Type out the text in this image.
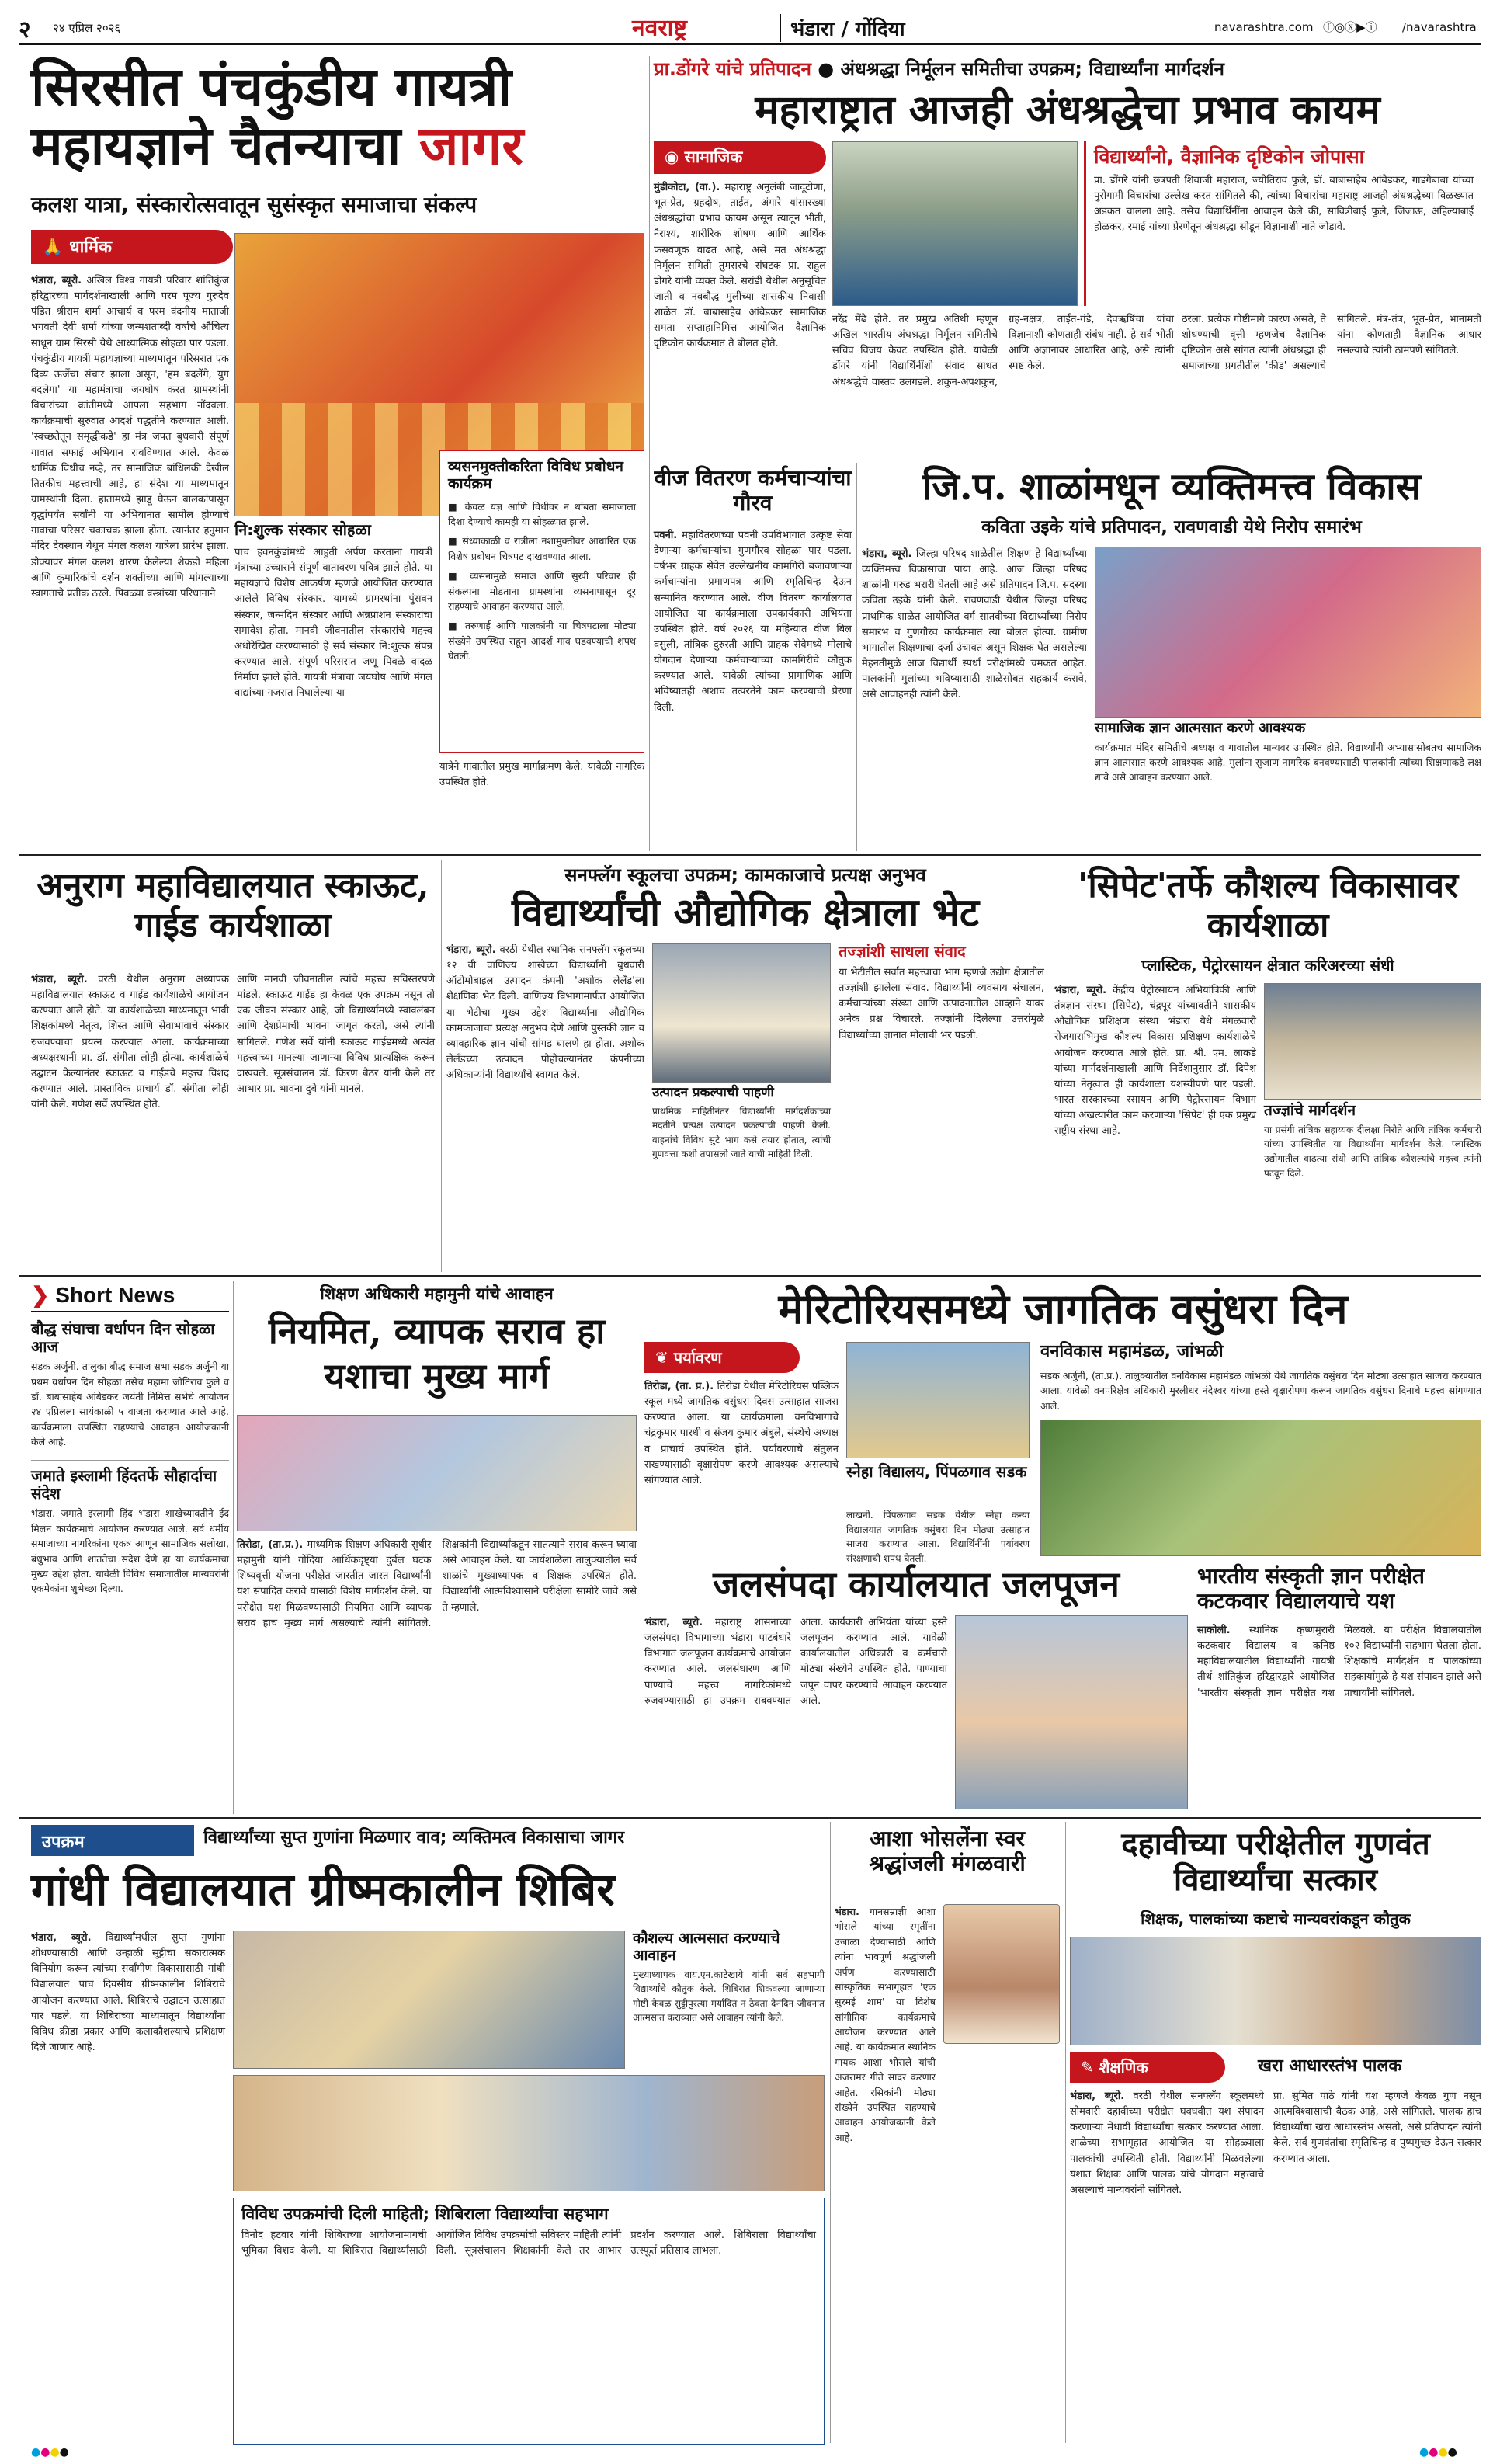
२ २४ एप्रिल २०२६	नवराष्ट्र	भंडारा / गोंदिया	navarashtra.com ⓕ◎ⓧ▶ⓘ /navarashtra
सिरसीत पंचकुंडीय गायत्री महायज्ञाने चैतन्याचा जागर
कलश यात्रा, संस्कारोत्सवातून सुसंस्कृत समाजाचा संकल्प
🙏 धार्मिक
भंडारा, ब्यूरो. अखिल विश्व गायत्री परिवार शांतिकुंज हरिद्वारच्या मार्गदर्शनाखाली आणि परम पूज्य गुरुदेव पंडित श्रीराम शर्मा आचार्य व परम वंदनीय माताजी भगवती देवी शर्मा यांच्या जन्मशताब्दी वर्षाचे औचित्य साधून ग्राम सिरसी येथे आध्यात्मिक सोहळा पार पडला. पंचकुंडीय गायत्री महायज्ञाच्या माध्यमातून परिसरात एक दिव्य ऊर्जेचा संचार झाला असून, 'हम बदलेंगे, युग बदलेगा' या महामंत्राचा जयघोष करत ग्रामस्थांनी विचारांच्या क्रांतीमध्ये आपला सहभाग नोंदवला. कार्यक्रमाची सुरुवात आदर्श पद्धतीने करण्यात आली. 'स्वच्छतेतून समृद्धीकडे' हा मंत्र जपत बुधवारी संपूर्ण गावात सफाई अभियान राबविण्यात आले. केवळ धार्मिक विधीच नव्हे, तर सामाजिक बांधिलकी देखील तितकीच महत्त्वाची आहे, हा संदेश या माध्यमातून ग्रामस्थांनी दिला. हातामध्ये झाडू घेऊन बालकांपासून वृद्धांपर्यंत सर्वांनी या अभियानात सामील होण्याचे गावाचा परिसर चकाचक झाला होता. त्यानंतर हनुमान मंदिर देवस्थान येथून मंगल कलश यात्रेला प्रारंभ झाला. डोक्यावर मंगल कलश धारण केलेल्या शेकडो महिला आणि कुमारिकांचे दर्शन शक्तीच्या आणि मांगल्याच्या स्वागताचे प्रतीक ठरले. पिवळ्या वस्त्रांच्या परिधानाने
नि:शुल्क संस्कार सोहळा
पाच हवनकुंडांमध्ये आहुती अर्पण करताना गायत्री मंत्राच्या उच्चाराने संपूर्ण वातावरण पवित्र झाले होते. या महायज्ञाचे विशेष आकर्षण म्हणजे आयोजित करण्यात आलेले विविध संस्कार. यामध्ये ग्रामस्थांना पुंसवन संस्कार, जन्मदिन संस्कार आणि अन्नप्राशन संस्कारांचा समावेश होता. मानवी जीवनातील संस्कारांचे महत्त्व अधोरेखित करण्यासाठी हे सर्व संस्कार नि:शुल्क संपन्न करण्यात आले. संपूर्ण परिसरात जणू पिवळे वादळ निर्माण झाले होते. गायत्री मंत्राचा जयघोष आणि मंगल वाद्यांच्या गजरात निघालेल्या या
व्यसनमुक्तीकरिता विविध प्रबोधन कार्यक्रम
■ केवळ यज्ञ आणि विधीवर न थांबता समाजाला दिशा देण्याचे कामही या सोहळ्यात झाले.
■ संध्याकाळी व रात्रीला नशामुक्तीवर आधारित एक विशेष प्रबोधन चित्रपट दाखवण्यात आला.
■ व्यसनामुळे समाज आणि सुखी परिवार ही संकल्पना मोडताना ग्रामस्थांना व्यसनापासून दूर राहण्याचे आवाहन करण्यात आले.
■ तरुणाई आणि पालकांनी या चित्रपटाला मोठ्या संख्येने उपस्थित राहून आदर्श गाव घडवण्याची शपथ घेतली.
यात्रेने गावातील प्रमुख मार्गाक्रमण केले. यावेळी नागरिक उपस्थित होते.
प्रा.डोंगरे यांचे प्रतिपादन ● अंधश्रद्धा निर्मूलन समितीचा उपक्रम; विद्यार्थ्यांना मार्गदर्शन
महाराष्ट्रात आजही अंधश्रद्धेचा प्रभाव कायम
◉ सामाजिक
मुंडीकोटा, (वा.). महाराष्ट्र अनुलंबी जादूटोणा, भूत-प्रेत, ग्रहदोष, ताईत, अंगारे यांसारख्या अंधश्रद्धांचा प्रभाव कायम असून त्यातून भीती, नैराश्य, शारीरिक शोषण आणि आर्थिक फसवणूक वाढत आहे, असे मत अंधश्रद्धा निर्मूलन समिती तुमसरचे संघटक प्रा. राहुल डोंगरे यांनी व्यक्त केले. सरांडी येथील अनुसूचित जाती व नवबौद्ध मुलींच्या शासकीय निवासी शाळेत डॉ. बाबासाहेब आंबेडकर सामाजिक समता सप्ताहानिमित्त आयोजित वैज्ञानिक दृष्टिकोन कार्यक्रमात ते बोलत होते.
विद्यार्थ्यांनो, वैज्ञानिक दृष्टिकोन जोपासा
प्रा. डोंगरे यांनी छत्रपती शिवाजी महाराज, ज्योतिराव फुले, डॉ. बाबासाहेब आंबेडकर, गाडगेबाबा यांच्या पुरोगामी विचारांचा उल्लेख करत सांगितले की, त्यांच्या विचारांचा महाराष्ट्र आजही अंधश्रद्धेच्या विळख्यात अडकत चालला आहे. तसेच विद्यार्थिनींना आवाहन केले की, सावित्रीबाई फुले, जिजाऊ, अहिल्याबाई होळकर, रमाई यांच्या प्रेरणेतून अंधश्रद्धा सोडून विज्ञानाशी नाते जोडावे.
नरेंद्र मेंढे होते. तर प्रमुख अतिथी म्हणून अखिल भारतीय अंधश्रद्धा निर्मूलन समितीचे सचिव विजय केवट उपस्थित होते. यावेळी डोंगरे यांनी विद्यार्थिनींशी संवाद साधत अंधश्रद्धेचे वास्तव उलगडले. शकुन-अपशकुन, ग्रह-नक्षत्र, ताईत-गंडे, देवऋषिंचा यांचा विज्ञानाशी कोणताही संबंध नाही. हे सर्व भीती आणि अज्ञानावर आधारित आहे, असे त्यांनी स्पष्ट केले.
ठरला. प्रत्येक गोष्टीमागे कारण असते, ते शोधण्याची वृत्ती म्हणजेच वैज्ञानिक दृष्टिकोन असे सांगत त्यांनी अंधश्रद्धा ही समाजाच्या प्रगतीतील 'कीड' असल्याचे सांगितले. मंत्र-तंत्र, भूत-प्रेत, भानामती यांना कोणताही वैज्ञानिक आधार नसल्याचे त्यांनी ठामपणे सांगितले.
वीज वितरण कर्मचाऱ्यांचा गौरव
पवनी. महावितरणच्या पवनी उपविभागात उत्कृष्ट सेवा देणाऱ्या कर्मचाऱ्यांचा गुणगौरव सोहळा पार पडला. वर्षभर ग्राहक सेवेत उल्लेखनीय कामगिरी बजावणाऱ्या कर्मचाऱ्यांना प्रमाणपत्र आणि स्मृतिचिन्ह देऊन सन्मानित करण्यात आले. वीज वितरण कार्यालयात आयोजित या कार्यक्रमाला उपकार्यकारी अभियंता उपस्थित होते. वर्ष २०२६ या महिन्यात वीज बिल वसुली, तांत्रिक दुरुस्ती आणि ग्राहक सेवेमध्ये मोलाचे योगदान देणाऱ्या कर्मचाऱ्यांच्या कामगिरीचे कौतुक करण्यात आले. यावेळी त्यांच्या प्रामाणिक आणि भविष्यातही अशाच तत्परतेने काम करण्याची प्रेरणा दिली.
जि.प. शाळांमधून व्यक्तिमत्त्व विकास
कविता उइके यांचे प्रतिपादन, रावणवाडी येथे निरोप समारंभ
भंडारा, ब्यूरो. जिल्हा परिषद शाळेतील शिक्षण हे विद्यार्थ्यांच्या व्यक्तिमत्त्व विकासाचा पाया आहे. आज जिल्हा परिषद शाळांनी गरुड भरारी घेतली आहे असे प्रतिपादन जि.प. सदस्या कविता उइके यांनी केले. रावणवाडी येथील जिल्हा परिषद प्राथमिक शाळेत आयोजित वर्ग सातवीच्या विद्यार्थ्यांच्या निरोप समारंभ व गुणगौरव कार्यक्रमात त्या बोलत होत्या. ग्रामीण भागातील शिक्षणाचा दर्जा उंचावत असून शिक्षक घेत असलेल्या मेहनतीमुळे आज विद्यार्थी स्पर्धा परीक्षांमध्ये चमकत आहेत. पालकांनी मुलांच्या भविष्यासाठी शाळेसोबत सहकार्य करावे, असे आवाहनही त्यांनी केले.
सामाजिक ज्ञान आत्मसात करणे आवश्यक
कार्यक्रमात मंदिर समितीचे अध्यक्ष व गावातील मान्यवर उपस्थित होते. विद्यार्थ्यांनी अभ्यासासोबतच सामाजिक ज्ञान आत्मसात करणे आवश्यक आहे. मुलांना सुजाण नागरिक बनवण्यासाठी पालकांनी त्यांच्या शिक्षणाकडे लक्ष द्यावे असे आवाहन करण्यात आले.
अनुराग महाविद्यालयात स्काऊट, गाईड कार्यशाळा
भंडारा, ब्यूरो. वरठी येथील अनुराग अध्यापक महाविद्यालयात स्काऊट व गाईड कार्यशाळेचे आयोजन करण्यात आले होते. या कार्यशाळेच्या माध्यमातून भावी शिक्षकांमध्ये नेतृत्व, शिस्त आणि सेवाभावाचे संस्कार रुजवण्याचा प्रयत्न करण्यात आला. कार्यक्रमाच्या अध्यक्षस्थानी प्रा. डॉ. संगीता लोही होत्या. कार्यशाळेचे उद्घाटन केल्यानंतर स्काऊट व गाईडचे महत्त्व विशद करण्यात आले. प्रास्ताविक प्राचार्य डॉ. संगीता लोही यांनी केले. गणेश सर्वे उपस्थित होते.
आणि मानवी जीवनातील त्यांचे महत्त्व सविस्तरपणे मांडले. स्काऊट गाईड हा केवळ एक उपक्रम नसून तो एक जीवन संस्कार आहे, जो विद्यार्थ्यांमध्ये स्वावलंबन आणि देशप्रेमाची भावना जागृत करतो, असे त्यांनी सांगितले. गणेश सर्वे यांनी स्काऊट गाईडमध्ये अत्यंत महत्त्वाच्या मानल्या जाणाऱ्या विविध प्रात्यक्षिक करून दाखवले. सूत्रसंचालन डॉ. किरण बेठर यांनी केले तर आभार प्रा. भावना दुबे यांनी मानले.
सनफ्लॅग स्कूलचा उपक्रम; कामकाजाचे प्रत्यक्ष अनुभव
विद्यार्थ्यांची औद्योगिक क्षेत्राला भेट
भंडारा, ब्यूरो. वरठी येथील स्थानिक सनफ्लॅग स्कूलच्या १२ वी वाणिज्य शाखेच्या विद्यार्थ्यांनी बुधवारी ऑटोमोबाइल उत्पादन कंपनी 'अशोक लेलँड'ला शैक्षणिक भेट दिली. वाणिज्य विभागामार्फत आयोजित या भेटीचा मुख्य उद्देश विद्यार्थ्यांना औद्योगिक कामकाजाचा प्रत्यक्ष अनुभव देणे आणि पुस्तकी ज्ञान व व्यावहारिक ज्ञान यांची सांगड घालणे हा होता. अशोक लेलँडच्या उत्पादन पोहोचल्यानंतर कंपनीच्या अधिकाऱ्यांनी विद्यार्थ्यांचे स्वागत केले.
उत्पादन प्रकल्पाची पाहणी
प्राथमिक माहितीनंतर विद्यार्थ्यांनी मार्गदर्शकांच्या मदतीने प्रत्यक्ष उत्पादन प्रकल्पाची पाहणी केली. वाहनांचे विविध सुटे भाग कसे तयार होतात, त्यांची गुणवत्ता कशी तपासली जाते याची माहिती दिली.
तज्ज्ञांशी साधला संवाद
या भेटीतील सर्वात महत्त्वाचा भाग म्हणजे उद्योग क्षेत्रातील तज्ज्ञांशी झालेला संवाद. विद्यार्थ्यांनी व्यवसाय संचालन, कर्मचाऱ्यांच्या संख्या आणि उत्पादनातील आव्हाने यावर अनेक प्रश्न विचारले. तज्ज्ञांनी दिलेल्या उत्तरांमुळे विद्यार्थ्यांच्या ज्ञानात मोलाची भर पडली.
'सिपेट'तर्फे कौशल्य विकासावर कार्यशाळा
प्लास्टिक, पेट्रोरसायन क्षेत्रात करिअरच्या संधी
भंडारा, ब्यूरो. केंद्रीय पेट्रोरसायन अभियांत्रिकी आणि तंत्रज्ञान संस्था (सिपेट), चंद्रपूर यांच्यावतीने शासकीय औद्योगिक प्रशिक्षण संस्था भंडारा येथे मंगळवारी रोजगाराभिमुख कौशल्य विकास प्रशिक्षण कार्यशाळेचे आयोजन करण्यात आले होते. प्रा. श्री. एम. लाकडे यांच्या मार्गदर्शनाखाली आणि निर्देशानुसार डॉ. दिपेश यांच्या नेतृत्वात ही कार्यशाळा यशस्वीपणे पार पडली. भारत सरकारच्या रसायन आणि पेट्रोरसायन विभाग यांच्या अखत्यारीत काम करणाऱ्या 'सिपेट' ही एक प्रमुख राष्ट्रीय संस्था आहे.
तज्ज्ञांचे मार्गदर्शन
या प्रसंगी तांत्रिक सहाय्यक दीलक्षा निरोते आणि तांत्रिक कर्मचारी यांच्या उपस्थितीत या विद्यार्थ्यांना मार्गदर्शन केले. प्लास्टिक उद्योगातील वाढत्या संधी आणि तांत्रिक कौशल्यांचे महत्त्व त्यांनी पटवून दिले.
❯ Short News
बौद्ध संघाचा वर्धापन दिन सोहळा आज
सडक अर्जुनी. तालुका बौद्ध समाज सभा सडक अर्जुनी या प्रथम वर्धापन दिन सोहळा तसेच महामा जोतिराव फुले व डॉ. बाबासाहेब आंबेडकर जयंती निमित्त सभेचे आयोजन २४ एप्रिलला सायंकाळी ५ वाजता करण्यात आले आहे. कार्यक्रमाला उपस्थित राहण्याचे आवाहन आयोजकांनी केले आहे.
जमाते इस्लामी हिंदतर्फे सौहार्दाचा संदेश
भंडारा. जमाते इस्लामी हिंद भंडारा शाखेच्यावतीने ईद मिलन कार्यक्रमाचे आयोजन करण्यात आले. सर्व धर्मीय समाजाच्या नागरिकांना एकत्र आणून सामाजिक सलोखा, बंधुभाव आणि शांततेचा संदेश देणे हा या कार्यक्रमाचा मुख्य उद्देश होता. यावेळी विविध समाजातील मान्यवरांनी एकमेकांना शुभेच्छा दिल्या.
शिक्षण अधिकारी महामुनी यांचे आवाहन
नियमित, व्यापक सराव हा यशाचा मुख्य मार्ग
तिरोडा, (ता.प्र.). माध्यमिक शिक्षण अधिकारी सुधीर महामुनी यांनी गोंदिया आर्थिकदृष्ट्या दुर्बल घटक शिष्यवृत्ती योजना परीक्षेत जास्तीत जास्त विद्यार्थ्यांनी यश संपादित करावे यासाठी विशेष मार्गदर्शन केले. या परीक्षेत यश मिळवण्यासाठी नियमित आणि व्यापक सराव हाच मुख्य मार्ग असल्याचे त्यांनी सांगितले. शिक्षकांनी विद्यार्थ्यांकडून सातत्याने सराव करून घ्यावा असे आवाहन केले. या कार्यशाळेला तालुक्यातील सर्व शाळांचे मुख्याध्यापक व शिक्षक उपस्थित होते. विद्यार्थ्यांनी आत्मविश्वासाने परीक्षेला सामोरे जावे असे ते म्हणाले.
मेरिटोरियसमध्ये जागतिक वसुंधरा दिन
❦ पर्यावरण
तिरोडा, (ता. प्र.). तिरोडा येथील मेरिटोरियस पब्लिक स्कूल मध्ये जागतिक वसुंधरा दिवस उत्साहात साजरा करण्यात आला. या कार्यक्रमाला वनविभागाचे चंद्रकुमार पारधी व संजय कुमार अंबुले, संस्थेचे अध्यक्ष व प्राचार्य उपस्थित होते. पर्यावरणाचे संतुलन राखण्यासाठी वृक्षारोपण करणे आवश्यक असल्याचे सांगण्यात आले.	स्नेहा विद्यालय, पिंपळगाव सडक
लाखनी. पिंपळगाव सडक येथील स्नेहा कन्या विद्यालयात जागतिक वसुंधरा दिन मोठ्या उत्साहात साजरा करण्यात आला. विद्यार्थिनींनी पर्यावरण संरक्षणाची शपथ घेतली.
वनविकास महामंडळ, जांभळी
सडक अर्जुनी, (ता.प्र.). तालुक्यातील वनविकास महामंडळ जांभळी येथे जागतिक वसुंधरा दिन मोठ्या उत्साहात साजरा करण्यात आला. यावेळी वनपरिक्षेत्र अधिकारी मुरलीधर नंदेश्वर यांच्या हस्ते वृक्षारोपण करून जागतिक वसुंधरा दिनाचे महत्त्व सांगण्यात आले.
जलसंपदा कार्यालयात जलपूजन
भंडारा, ब्यूरो. महाराष्ट्र शासनाच्या जलसंपदा विभागाच्या भंडारा पाटबंधारे विभागात जलपूजन कार्यक्रमाचे आयोजन करण्यात आले. जलसंधारण आणि पाण्याचे महत्त्व नागरिकांमध्ये रुजवण्यासाठी हा उपक्रम राबवण्यात आला. कार्यकारी अभियंता यांच्या हस्ते जलपूजन करण्यात आले. यावेळी कार्यालयातील अधिकारी व कर्मचारी मोठ्या संख्येने उपस्थित होते. पाण्याचा जपून वापर करण्याचे आवाहन करण्यात आले.
भारतीय संस्कृती ज्ञान परीक्षेत कटकवार विद्यालयाचे यश
साकोली. स्थानिक कृष्णमुरारी कटकवार विद्यालय व कनिष्ठ महाविद्यालयातील विद्यार्थ्यांनी गायत्री तीर्थ शांतिकुंज हरिद्वारद्वारे आयोजित 'भारतीय संस्कृती ज्ञान' परीक्षेत यश मिळवले. या परीक्षेत विद्यालयातील १०२ विद्यार्थ्यांनी सहभाग घेतला होता. शिक्षकांचे मार्गदर्शन व पालकांच्या सहकार्यामुळे हे यश संपादन झाले असे प्राचार्यांनी सांगितले.
उपक्रम	विद्यार्थ्यांच्या सुप्त गुणांना मिळणार वाव; व्यक्तिमत्व विकासाचा जागर
गांधी विद्यालयात ग्रीष्मकालीन शिबिर
भंडारा, ब्यूरो. विद्यार्थ्यांमधील सुप्त गुणांना शोधण्यासाठी आणि उन्हाळी सुट्टीचा सकारात्मक विनियोग करून त्यांच्या सर्वांगीण विकासासाठी गांधी विद्यालयात पाच दिवसीय ग्रीष्मकालीन शिबिराचे आयोजन करण्यात आले. शिबिराचे उद्घाटन उत्साहात पार पडले. या शिबिराच्या माध्यमातून विद्यार्थ्यांना विविध क्रीडा प्रकार आणि कलाकौशल्याचे प्रशिक्षण दिले जाणार आहे.
कौशल्य आत्मसात करण्याचे आवाहन
मुख्याध्यापक वाय.एन.काटेखाये यांनी सर्व सहभागी विद्यार्थ्यांचे कौतुक केले. शिबिरात शिकवल्या जाणाऱ्या गोष्टी केवळ सुट्टीपुरत्या मर्यादित न ठेवता दैनंदिन जीवनात आत्मसात कराव्यात असे आवाहन त्यांनी केले.
विविध उपक्रमांची दिली माहिती; शिबिराला विद्यार्थ्यांचा सहभाग
विनोद हटवार यांनी शिबिराच्या आयोजनामागची भूमिका विशद केली. या शिबिरात विद्यार्थ्यांसाठी आयोजित विविध उपक्रमांची सविस्तर माहिती त्यांनी दिली. सूत्रसंचालन शिक्षकांनी केले तर आभार प्रदर्शन करण्यात आले. शिबिराला विद्यार्थ्यांचा उत्स्फूर्त प्रतिसाद लाभला.
आशा भोसलेंना स्वर श्रद्धांजली मंगळवारी
भंडारा. गानसम्राज्ञी आशा भोसले यांच्या स्मृतींना उजाळा देण्यासाठी आणि त्यांना भावपूर्ण श्रद्धांजली अर्पण करण्यासाठी सांस्कृतिक सभागृहात 'एक सुरमई शाम' या विशेष सांगीतिक कार्यक्रमाचे आयोजन करण्यात आले आहे. या कार्यक्रमात स्थानिक गायक आशा भोसले यांची अजरामर गीते सादर करणार आहेत. रसिकांनी मोठ्या संख्येने उपस्थित राहण्याचे आवाहन आयोजकांनी केले आहे.
दहावीच्या परीक्षेतील गुणवंत विद्यार्थ्यांचा सत्कार
शिक्षक, पालकांच्या कष्टाचे मान्यवरांकडून कौतुक
✎ शैक्षणिक	खरा आधारस्तंभ पालक
भंडारा, ब्यूरो. वरठी येथील सनफ्लॅग स्कूलमध्ये सोमवारी दहावीच्या परीक्षेत घवघवीत यश संपादन करणाऱ्या मेधावी विद्यार्थ्यांचा सत्कार करण्यात आला. शाळेच्या सभागृहात आयोजित या सोहळ्याला पालकांची उपस्थिती होती. विद्यार्थ्यांनी मिळवलेल्या यशात शिक्षक आणि पालक यांचे योगदान महत्त्वाचे असल्याचे मान्यवरांनी सांगितले.
प्रा. सुमित पाठे यांनी यश म्हणजे केवळ गुण नसून आत्मविश्वासाची बैठक आहे, असे सांगितले. पालक हाच विद्यार्थ्यांचा खरा आधारस्तंभ असतो, असे प्रतिपादन त्यांनी केले. सर्व गुणवंतांचा स्मृतिचिन्ह व पुष्पगुच्छ देऊन सत्कार करण्यात आला.
●●●●	●●●●
